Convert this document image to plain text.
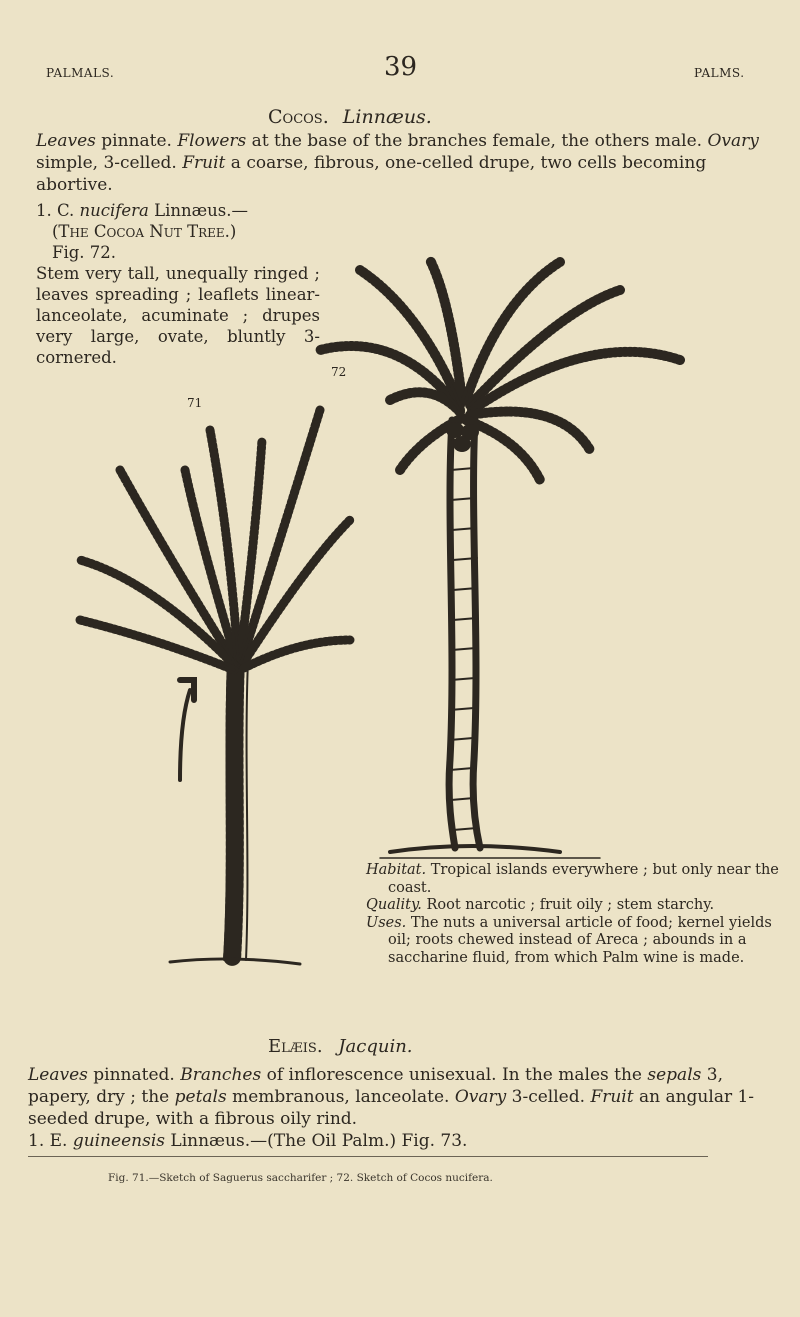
PALMALS.	39	PALMS.
Cocos. Linnæus.

Leaves pinnate. Flowers at the base of the branches female, the others male. Ovary simple, 3-celled. Fruit a coarse, fibrous, one-celled drupe, two cells becoming abortive.

1. C. nucifera Linnæus.—
(The Cocoa Nut Tree.)
Fig. 72.
Stem very tall, unequally ringed ; leaves spreading ; leaflets linear-lanceolate, acuminate ; drupes very large, ovate, bluntly 3-cornered.
72
71

Habitat. Tropical islands everywhere ; but only near the coast.

Quality. Root narcotic ; fruit oily ; stem starchy.

Uses. The nuts a universal article of food; kernel yields oil; roots chewed instead of Areca ; abounds in a saccharine fluid, from which Palm wine is made.

Elæis. Jacquin.

Leaves pinnated. Branches of inflorescence unisexual. In the males the sepals 3, papery, dry ; the petals membranous, lanceolate. Ovary 3-celled. Fruit an angular 1-seeded drupe, with a fibrous oily rind.

1. E. guineensis Linnæus.—(The Oil Palm.) Fig. 73.
Fig. 71.—Sketch of Saguerus saccharifer ; 72. Sketch of Cocos nucifera.
